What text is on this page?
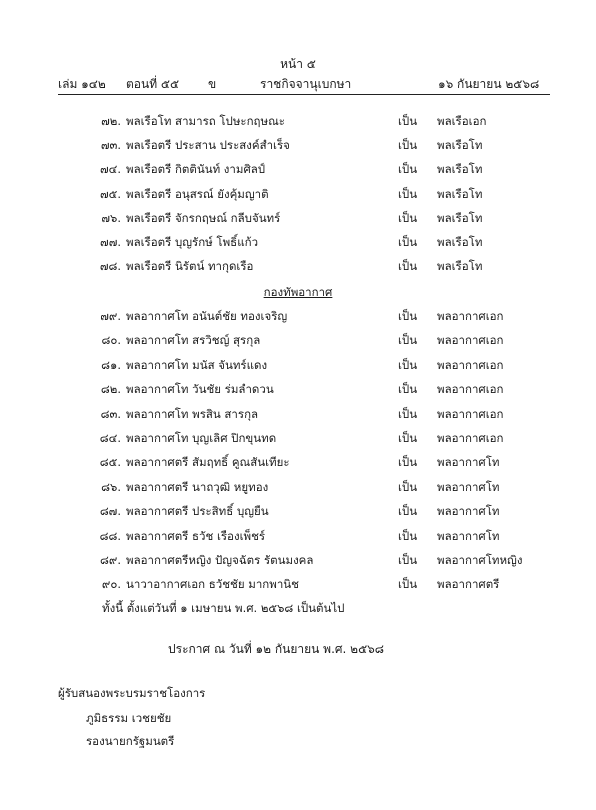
หน้า ๕
เล่ม ๑๔๒ ตอนที่ ๕๕ ข	ราชกิจจานุเบกษา	๑๖ กันยายน ๒๕๖๘
๗๒. พลเรือโท สามารถ โปษะกฤษณะ	เป็น พลเรือเอก
๗๓. พลเรือตรี ประสาน ประสงค์สำเร็จ	เป็น พลเรือโท
๗๔. พลเรือตรี กิตตินันท์ งามศิลป์	เป็น พลเรือโท
๗๕. พลเรือตรี อนุสรณ์ ยังคุ้มญาติ	เป็น พลเรือโท
๗๖. พลเรือตรี จักรกฤษณ์ กลีบจันทร์	เป็น พลเรือโท
๗๗. พลเรือตรี บุญรักษ์ โพธิ์แก้ว	เป็น พลเรือโท
๗๘. พลเรือตรี นิรัตน์ ทากุดเรือ	เป็น พลเรือโท
กองทัพอากาศ
๗๙. พลอากาศโท อนันต์ชัย ทองเจริญ	เป็น พลอากาศเอก
๘๐. พลอากาศโท สรวิชญ์ สุรกุล	เป็น พลอากาศเอก
๘๑. พลอากาศโท มนัส จันทร์แดง	เป็น พลอากาศเอก
๘๒. พลอากาศโท วันชัย ร่มลำดวน	เป็น พลอากาศเอก
๘๓. พลอากาศโท พรสิน สารกุล	เป็น พลอากาศเอก
๘๔. พลอากาศโท บุญเลิศ ปิกขุนทด	เป็น พลอากาศเอก
๘๕. พลอากาศตรี สัมฤทธิ์ คูณสันเทียะ	เป็น พลอากาศโท
๘๖. พลอากาศตรี นาถวุฒิ หยูทอง	เป็น พลอากาศโท
๘๗. พลอากาศตรี ประสิทธิ์ บุญยืน	เป็น พลอากาศโท
๘๘. พลอากาศตรี ธวัช เรืองเพ็ชร์	เป็น พลอากาศโท
๘๙. พลอากาศตรีหญิง ปัญจฉัตร รัตนมงคล	เป็น พลอากาศโทหญิง
๙๐. นาวาอากาศเอก ธวัชชัย มากพานิช	เป็น พลอากาศตรี
ทั้งนี้ ตั้งแต่วันที่ ๑ เมษายน พ.ศ. ๒๕๖๘ เป็นต้นไป
ประกาศ ณ วันที่ ๑๒ กันยายน พ.ศ. ๒๕๖๘
ผู้รับสนองพระบรมราชโองการ
ภูมิธรรม เวชยชัย
รองนายกรัฐมนตรี
